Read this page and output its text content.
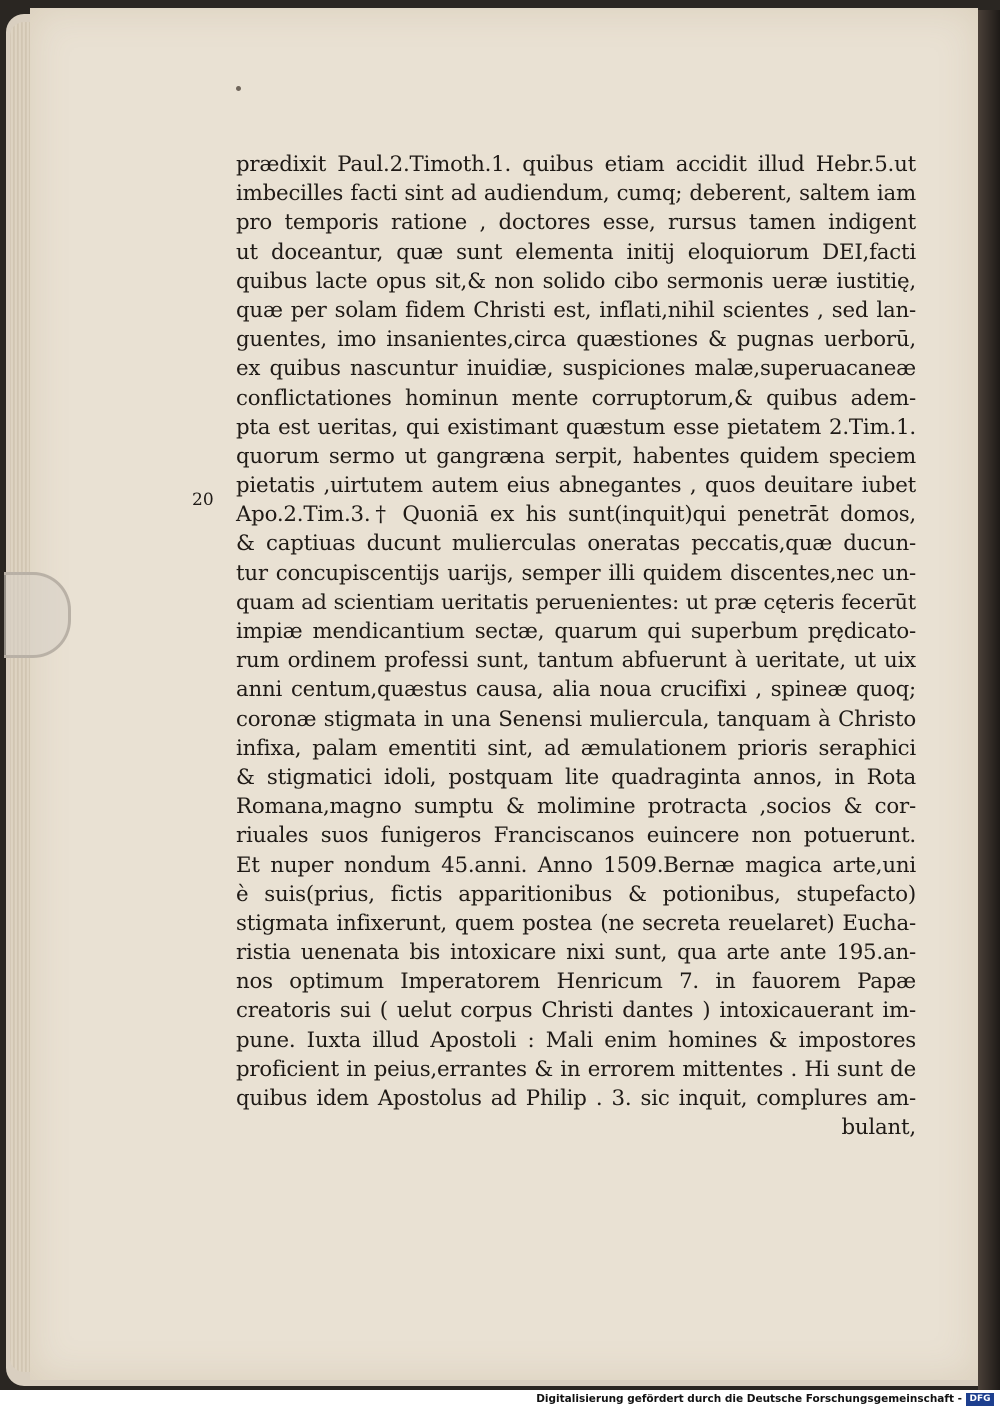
20
prædixit Paul.2.Timoth.1. quibus etiam accidit illud Hebr.5.ut
imbecilles facti sint ad audiendum, cumq; deberent, saltem iam
pro temporis ratione , doctores esse, rursus tamen indigent
ut doceantur, quæ sunt elementa initij eloquiorum DEI,facti
quibus lacte opus sit,& non solido cibo sermonis ueræ iustitię,
quæ per solam fidem Christi est, inflati,nihil scientes , sed lan-
guentes, imo insanientes,circa quæstiones & pugnas uerborū,
ex quibus nascuntur inuidiæ, suspiciones malæ,superuacaneæ
conflictationes hominun mente corruptorum,& quibus adem-
pta est ueritas, qui existimant quæstum esse pietatem 2.Tim.1.
quorum sermo ut gangræna serpit, habentes quidem speciem
pietatis ,uirtutem autem eius abnegantes , quos deuitare iubet
Apo.2.Tim.3.† Quoniā ex his sunt(inquit)qui penetrāt domos,
& captiuas ducunt mulierculas oneratas peccatis,quæ ducun-
tur concupiscentijs uarijs, semper illi quidem discentes,nec un-
quam ad scientiam ueritatis peruenientes: ut præ cęteris fecerūt
impiæ mendicantium sectæ, quarum qui superbum prędicato-
rum ordinem professi sunt, tantum abfuerunt à ueritate, ut uix
anni centum,quæstus causa, alia noua crucifixi , spineæ quoq;
coronæ stigmata in una Senensi muliercula, tanquam à Christo
infixa, palam ementiti sint, ad æmulationem prioris seraphici
& stigmatici idoli, postquam lite quadraginta annos, in Rota
Romana,magno sumptu & molimine protracta ,socios & cor-
riuales suos funigeros Franciscanos euincere non potuerunt.
Et nuper nondum 45.anni. Anno 1509.Bernæ magica arte,uni
è suis(prius, fictis apparitionibus & potionibus, stupefacto)
stigmata infixerunt, quem postea (ne secreta reuelaret) Eucha-
ristia uenenata bis intoxicare nixi sunt, qua arte ante 195.an-
nos optimum Imperatorem Henricum 7. in fauorem Papæ
creatoris sui ( uelut corpus Christi dantes ) intoxicauerant im-
pune. Iuxta illud Apostoli : Mali enim homines & impostores
proficient in peius,errantes & in errorem mittentes . Hi sunt de
quibus idem Apostolus ad Philip . 3. sic inquit, complures am-
bulant,
Digitalisierung gefördert durch die Deutsche Forschungsgemeinschaft - DFG
